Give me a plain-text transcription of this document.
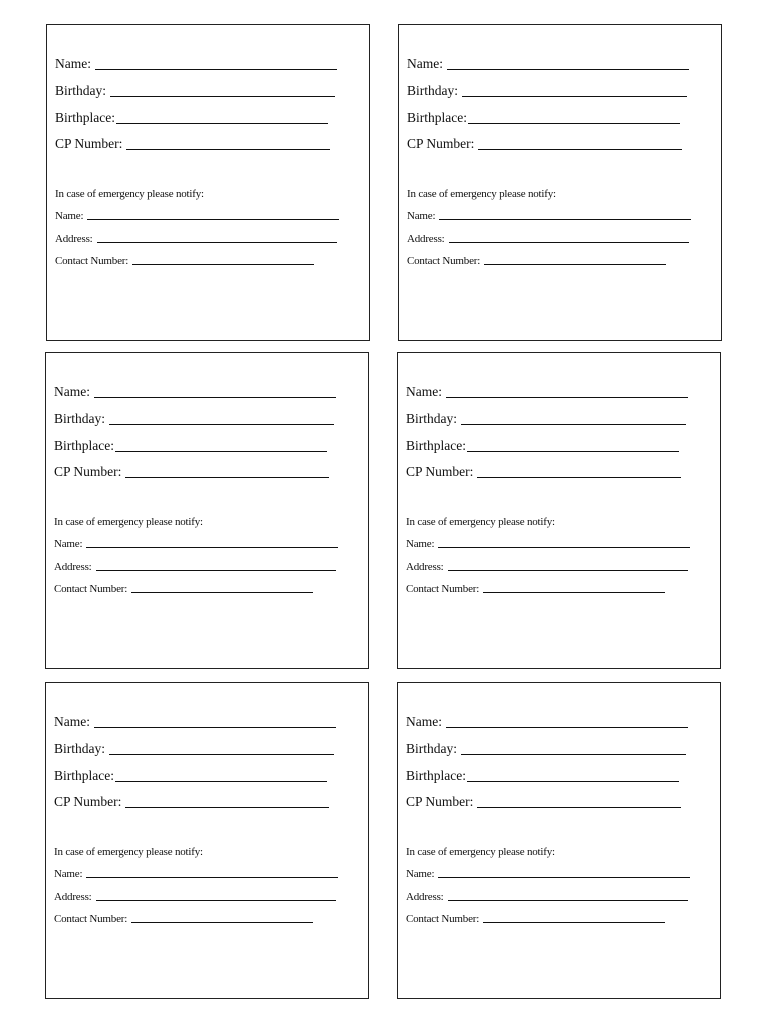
Name:
Birthday:
Birthplace:
CP Number:
In case of emergency please notify:
Name:
Address:
Contact Number:
Name:
Birthday:
Birthplace:
CP Number:
In case of emergency please notify:
Name:
Address:
Contact Number:
Name:
Birthday:
Birthplace:
CP Number:
In case of emergency please notify:
Name:
Address:
Contact Number:
Name:
Birthday:
Birthplace:
CP Number:
In case of emergency please notify:
Name:
Address:
Contact Number:
Name:
Birthday:
Birthplace:
CP Number:
In case of emergency please notify:
Name:
Address:
Contact Number:
Name:
Birthday:
Birthplace:
CP Number:
In case of emergency please notify:
Name:
Address:
Contact Number:
